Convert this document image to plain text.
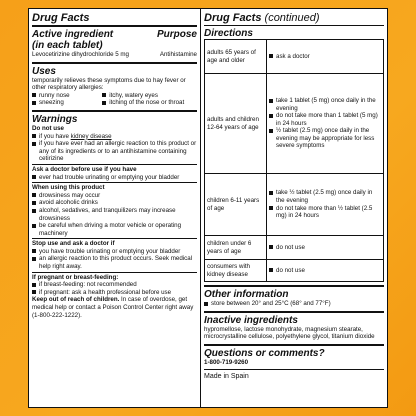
Drug Facts
Active ingredient	Purpose
(in each tablet)
Levocetirizine dihydrochloride 5 mg	Antihistamine
Uses
temporarily relieves these symptoms due to hay fever or other respiratory allergies:
runny nose	itchy, watery eyes
sneezing	itching of the nose or throat
Warnings
Do not use
if you have kidney disease
if you have ever had an allergic reaction to this product or any of its ingredients or to an antihistamine containing cetirizine
Ask a doctor before use if you have
ever had trouble urinating or emptying your bladder
When using this product
drowsiness may occur
avoid alcoholic drinks
alcohol, sedatives, and tranquilizers may increase drowsiness
be careful when driving a motor vehicle or operating machinery
Stop use and ask a doctor if
you have trouble urinating or emptying your bladder
an allergic reaction to this product occurs. Seek medical help right away.
If pregnant or breast-feeding:
if breast-feeding: not recommended
if pregnant: ask a health professional before use
Keep out of reach of children. In case of overdose, get medical help or contact a Poison Control Center right away (1-800-222-1222).
Drug Facts (continued)
Directions
adults 65 years of age and older	ask a doctor

adults and children 12-64 years of age	take 1 tablet (5 mg) once daily in the evening
do not take more than 1 tablet (5 mg) in 24 hours
½ tablet (2.5 mg) once daily in the evening may be appropriate for less severe symptoms

children 6-11 years of age	take ½ tablet (2.5 mg) once daily in the evening
do not take more than ½ tablet (2.5 mg) in 24 hours

children under 6 years of age	do not use

consumers with kidney disease	do not use
Other information
store between 20° and 25°C (68° and 77°F)
Inactive ingredients
hypromellose, lactose monohydrate, magnesium stearate, microcrystalline cellulose, polyethylene glycol, titanium dioxide
Questions or comments?
1-800-719-9260
Made in Spain
